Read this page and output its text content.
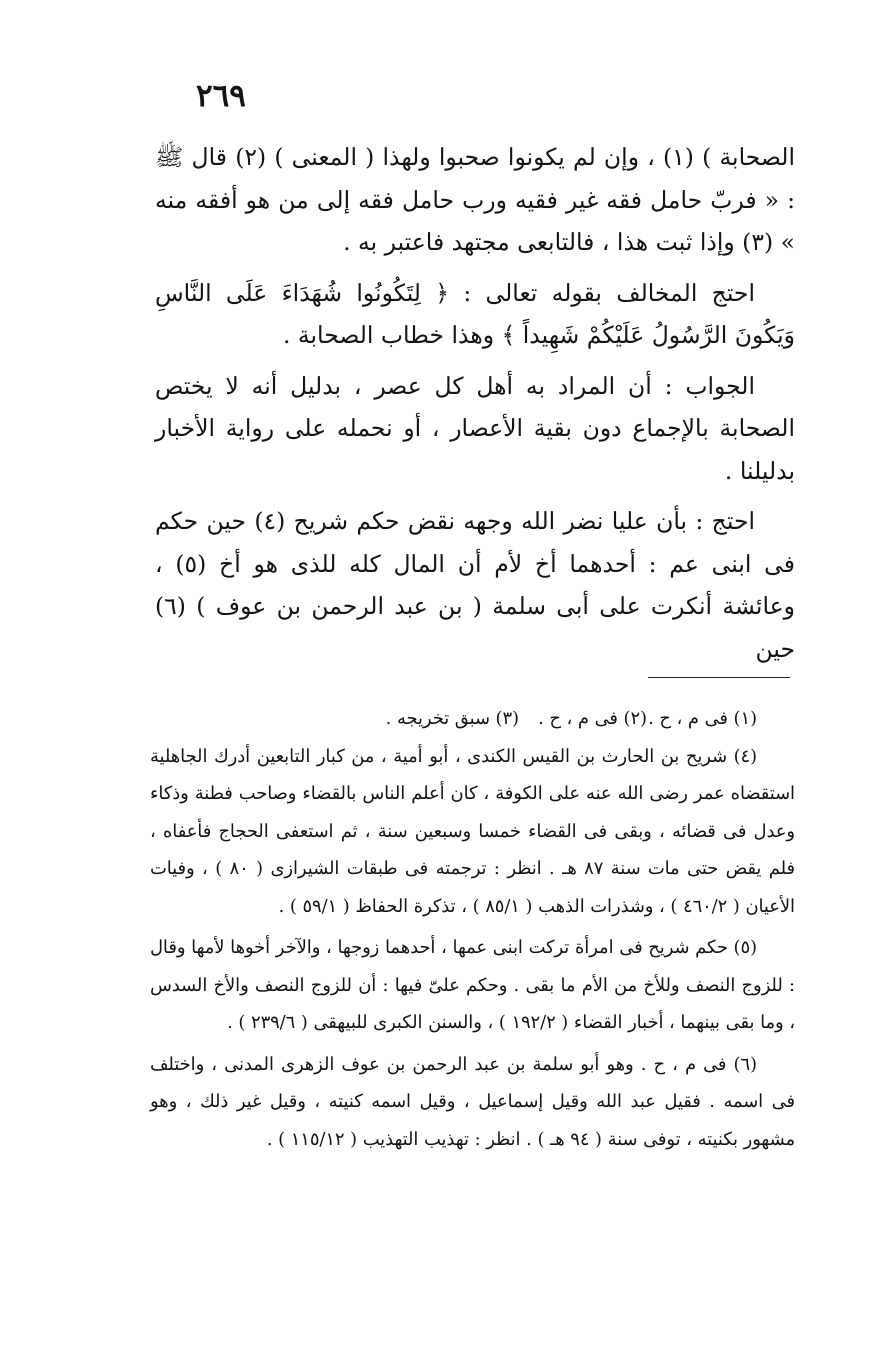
٢٦٩

الصحابة ) (١) ، وإن لم يكونوا صحبوا ولهذا ( المعنى ) (٢) قال ﷺ : « فربّ حامل فقه غير فقيه ورب حامل فقه إلى من هو أفقه منه » (٣) وإذا ثبت هذا ، فالتابعى مجتهد فاعتبر به .

احتج المخالف بقوله تعالى : ﴿ لِتَكُونُوا شُهَدَاءَ عَلَى النَّاسِ وَيَكُونَ الرَّسُولُ عَلَيْكُمْ شَهِيداً ﴾ وهذا خطاب الصحابة .

الجواب : أن المراد به أهل كل عصر ، بدليل أنه لا يختص الصحابة بالإجماع دون بقية الأعصار ، أو نحمله على رواية الأخبار بدليلنا .

احتج : بأن عليا نضر الله وجهه نقض حكم شريح (٤) حين حكم فى ابنى عم : أحدهما أخ لأم أن المال كله للذى هو أخ (٥) ، وعائشة أنكرت على أبى سلمة ( بن عبد الرحمن بن عوف ) (٦) حين

(١) فى م ، ح .
(٢) فى م ، ح .
(٣) سبق تخريجه .

(٤) شريح بن الحارث بن القيس الكندى ، أبو أمية ، من كبار التابعين أدرك الجاهلية استقضاه عمر رضى الله عنه على الكوفة ، كان أعلم الناس بالقضاء وصاحب فطنة وذكاء وعدل فى قضائه ، وبقى فى القضاء خمسا وسبعين سنة ، ثم استعفى الحجاج فأعفاه ، فلم يقض حتى مات سنة ٨٧ هـ . انظر : ترجمته فى طبقات الشيرازى ( ٨٠ ) ، وفيات الأعيان ( ٤٦٠/٢ ) ، وشذرات الذهب ( ٨٥/١ ) ، تذكرة الحفاظ ( ٥٩/١ ) .

(٥) حكم شريح فى امرأة تركت ابنى عمها ، أحدهما زوجها ، والآخر أخوها لأمها وقال : للزوج النصف وللأخ من الأم ما بقى . وحكم علىّ فيها : أن للزوج النصف والأخ السدس ، وما بقى بينهما ، أخبار القضاء ( ١٩٢/٢ ) ، والسنن الكبرى للبيهقى ( ٢٣٩/٦ ) .

(٦) فى م ، ح . وهو أبو سلمة بن عبد الرحمن بن عوف الزهرى المدنى ، واختلف فى اسمه . فقيل عبد الله وقيل إسماعيل ، وقيل اسمه كنيته ، وقيل غير ذلك ، وهو مشهور بكنيته ، توفى سنة ( ٩٤ هـ ) . انظر : تهذيب التهذيب ( ١١٥/١٢ ) .
